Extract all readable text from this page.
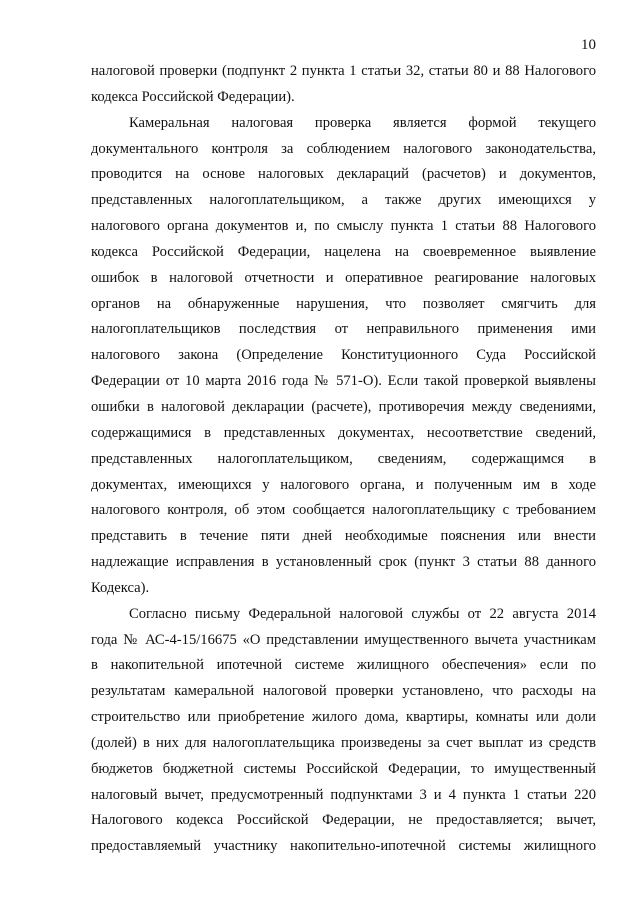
10
налоговой проверки (подпункт 2 пункта 1 статьи 32, статьи 80 и 88 Налогового
кодекса Российской Федерации).
Камеральная налоговая проверка является формой текущего
документального контроля за соблюдением налогового законодательства,
проводится на основе налоговых деклараций (расчетов) и документов,
представленных налогоплательщиком, а также других имеющихся у
налогового органа документов и, по смыслу пункта 1 статьи 88 Налогового
кодекса Российской Федерации, нацелена на своевременное выявление
ошибок в налоговой отчетности и оперативное реагирование налоговых
органов на обнаруженные нарушения, что позволяет смягчить для
налогоплательщиков последствия от неправильного применения ими
налогового закона (Определение Конституционного Суда Российской
Федерации от 10 марта 2016 года № 571-О). Если такой проверкой выявлены
ошибки в налоговой декларации (расчете), противоречия между сведениями,
содержащимися в представленных документах, несоответствие сведений,
представленных налогоплательщиком, сведениям, содержащимся в
документах, имеющихся у налогового органа, и полученным им в ходе
налогового контроля, об этом сообщается налогоплательщику с требованием
представить в течение пяти дней необходимые пояснения или внести
надлежащие исправления в установленный срок (пункт 3 статьи 88 данного
Кодекса).
Согласно письму Федеральной налоговой службы от 22 августа 2014
года № АС-4-15/16675 «О представлении имущественного вычета участникам
в накопительной ипотечной системе жилищного обеспечения» если по
результатам камеральной налоговой проверки установлено, что расходы на
строительство или приобретение жилого дома, квартиры, комнаты или доли
(долей) в них для налогоплательщика произведены за счет выплат из средств
бюджетов бюджетной системы Российской Федерации, то имущественный
налоговый вычет, предусмотренный подпунктами 3 и 4 пункта 1 статьи 220
Налогового кодекса Российской Федерации, не предоставляется; вычет,
предоставляемый участнику накопительно-ипотечной системы жилищного
